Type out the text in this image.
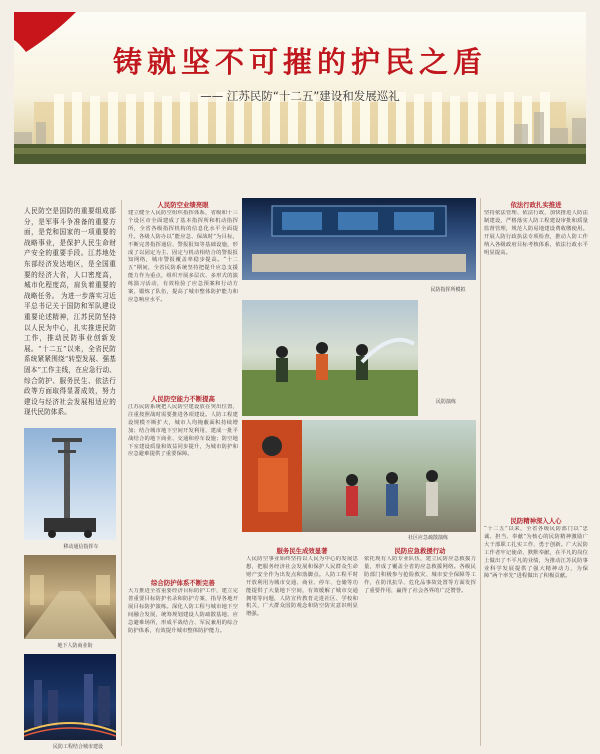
铸就坚不可摧的护民之盾
—— 江苏民防“十二五”建设和发展巡礼
人民防空是国防的重要组成部分，是军事斗争准备的重要方面，是党和国家的一项重要的战略事业，是保护人民生命财产安全的重要手段。江苏地处东部经济发达地区，是全国重要的经济大省，人口密度高，城市化程度高，肩负着重要的战略任务。 为进一步落实习近平总书记关于国防和军队建设重要论述精神，江苏民防坚持以人民为中心，扎实推进民防工作，推动民防事业创新发展。“十二五”以来，全省民防系统紧紧围绕“转型发展、强基固本”工作主线，在应急行动、综合防护、服务民生、依法行政等方面取得显著成效，努力建设与经济社会发展相适应的现代民防体系。
移动通信指挥车
地下人防商业街
民防工程结合城市建设
人民防空业绩亮眼
建立健全人民防空组织指挥体系，省级和十三个设区市全面建成了基本指挥所和机动指挥所，全省各级指挥机构的信息化水平全面提升。各级人防办以“能应急、保战时”为目标，不断完善指挥通信、警报报知等基础设施，形成了以固定为主、固定与机动相结合的警报报知网络，城市警报覆盖率稳步提高。“十二五”期间，全省民防系统坚持把提升应急支援能力作为重点，组织开展多层次、多形式的演练演习活动，有效检验了应急预案和行动方案，锻炼了队伍，提高了城市整体防护能力和应急响应水平。
人民防空能力不断提高
江苏民防系统把人民防空建设放在突出位置，注重按照战时需要推进各项建设。人防工程建设规模不断扩大，城市人均掩蔽面积持续增加；结合城市地下空间开发利用，建成一批平战结合的地下商业、交通和停车设施；防空地下室建设质量和效益同步提升，为城市防护和应急避难提供了重要保障。
综合防护体系不断完善
大力推进全省重要经济目标防护工作，建立完善重要目标防护名录和防护方案，指导各地开展目标防护演练。深化人防工程与城市地下空间融合发展，统筹规划建设人防疏散基地、应急避难场所，形成平战结合、军民兼用的综合防护体系，有效提升城市整体防护能力。
民防指挥所模拟
民防演练
社区应急疏散演练
服务民生成效显著
人民防空事业始终坚持以人民为中心的发展思想，把服务经济社会发展和保护人民群众生命财产安全作为出发点和落脚点。人防工程平时开放利用为城市交通、商业、停车、仓储等功能提供了大量地下空间，有效缓解了城市交通拥堵等问题，人防宣传教育走进社区、学校和机关，广大群众国防观念和防空防灾意识明显增强。
民防应急救援行动
依托现有人防专业队伍，建立民防应急救援力量，形成了覆盖全省的应急救援网络。各级民防部门积极参与抢险救灾、城市安全保障等工作，在防汛抗旱、危化品事故处置等方面发挥了重要作用，赢得了社会各界的广泛赞誉。
依法行政扎实推进
坚持依法管理、依法行政，加快推进人防法制建设，严格落实人防工程建设审批和质量监督管理，规范人防易地建设费收缴使用。开展人防行政执法专项检查，推动人防工作纳入各级政府目标考核体系，依法行政水平明显提高。
民防精神深入人心
“十二五”以来，全省各级民防部门以“忠诚、担当、奉献”为核心的民防精神激励广大干部职工扎实工作、勇于创新。广大民防工作者牢记使命，默默奉献，在平凡的岗位上做出了不平凡的业绩，为推动江苏民防事业科学发展提供了强大精神动力，为保障“两个率先”进程做出了积极贡献。
